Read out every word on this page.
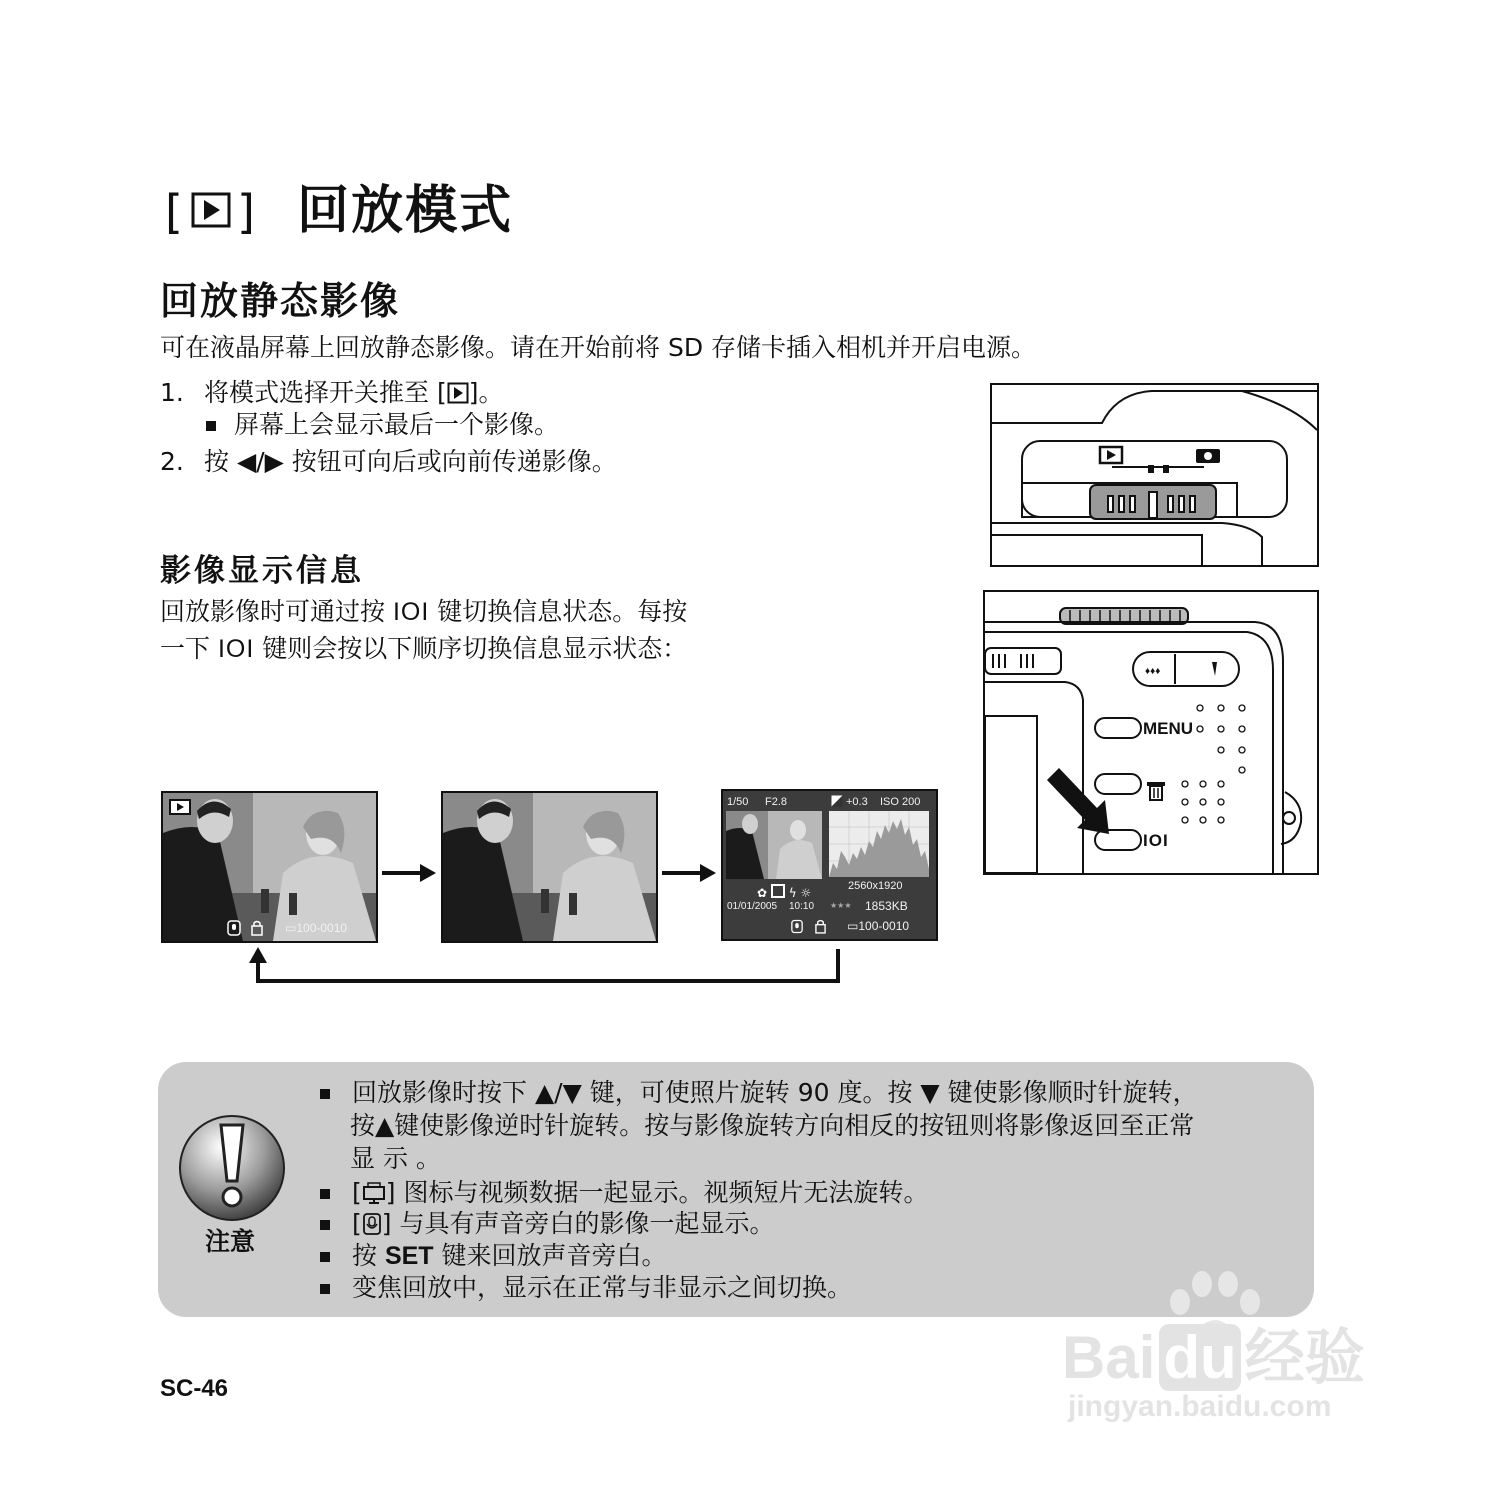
[ ] 回放模式
回放静态影像
可在液晶屏幕上回放静态影像。请在开始前将 SD 存储卡插入相机并开启电源。
1. 将模式选择开关推至 [ ]。
屏幕上会显示最后一个影像。
2. 按 ◀/▶ 按钮可向后或向前传递影像。
影像显示信息
回放影像时可通过按 IOI 键切换信息状态。每按
一下 IOI 键则会按以下顺序切换信息显示状态：
♦♦♦
MENU
IOI
▭100-0010
1/50 F2.8	+0.3 ISO 200
✿ ϟ ☼	2560x1920
01/01/2005 10:10 ★★★ 1853KB
▭100-0010
注意
回放影像时按下 ▲/▼ 键，可使照片旋转 90 度。按 ▼ 键使影像顺时针旋转，
按▲键使影像逆时针旋转。按与影像旋转方向相反的按钮则将影像返回至正常
显 示 。
[ ] 图标与视频数据一起显示。视频短片无法旋转。
[ ] 与具有声音旁白的影像一起显示。
按 SET 键来回放声音旁白。
变焦回放中，显示在正常与非显示之间切换。
SC-46	Bai du 经验
jingyan.baidu.com
